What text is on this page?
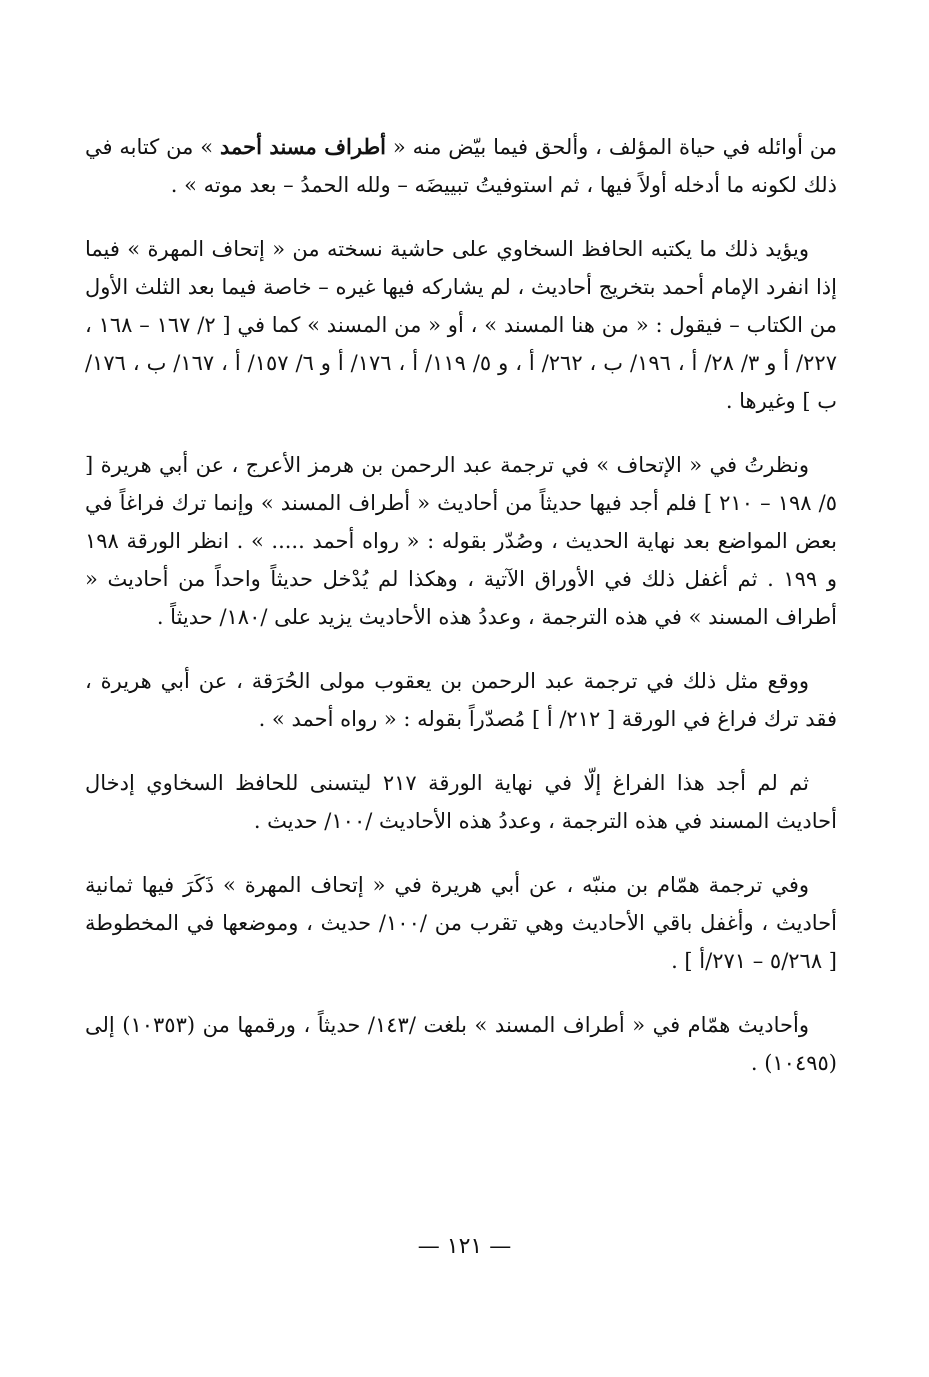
من أوائله في حياة المؤلف ، وألحق فيما بيّض منه « أطراف مسند أحمد » من كتابه في ذلك لكونه ما أدخله أولاً فيها ، ثم استوفيتُ تبييضَه – ولله الحمدُ – بعد موته » .

ويؤيد ذلك ما يكتبه الحافظ السخاوي على حاشية نسخته من « إتحاف المهرة » فيما إذا انفرد الإمام أحمد بتخريج أحاديث ، لم يشاركه فيها غيره – خاصة فيما بعد الثلث الأول من الكتاب – فيقول : « من هنا المسند » ، أو « من المسند » كما في [ ٢/ ١٦٧ – ١٦٨ ، ٢٢٧/ أ و ٣/ ٢٨/ أ ، ١٩٦/ ب ، ٢٦٢/ أ ، و ٥/ ١١٩/ أ ، ١٧٦/ أ و ٦/ ١٥٧/ أ ، ١٦٧/ ب ، ١٧٦/ ب ] وغيرها .

ونظرتُ في « الإتحاف » في ترجمة عبد الرحمن بن هرمز الأعرج ، عن أبي هريرة [ ٥/ ١٩٨ – ٢١٠ ] فلم أجد فيها حديثاً من أحاديث « أطراف المسند » وإنما ترك فراغاً في بعض المواضع بعد نهاية الحديث ، وصُدّر بقوله : « رواه أحمد ..... » . انظر الورقة ١٩٨ و ١٩٩ . ثم أغفل ذلك في الأوراق الآتية ، وهكذا لم يُدْخل حديثاً واحداً من أحاديث « أطراف المسند » في هذه الترجمة ، وعددُ هذه الأحاديث يزيد على /١٨٠/ حديثاً .

ووقع مثل ذلك في ترجمة عبد الرحمن بن يعقوب مولى الحُرَقة ، عن أبي هريرة ، فقد ترك فراغ في الورقة [ ٢١٢/ أ ] مُصدّراً بقوله : « رواه أحمد » .

ثم لم أجد هذا الفراغ إلّا في نهاية الورقة ٢١٧ ليتسنى للحافظ السخاوي إدخال أحاديث المسند في هذه الترجمة ، وعددُ هذه الأحاديث /١٠٠/ حديث .

وفي ترجمة همّام بن منبّه ، عن أبي هريرة في « إتحاف المهرة » ذَكَرَ فيها ثمانية أحاديث ، وأغفل باقي الأحاديث وهي تقرب من /١٠٠/ حديث ، وموضعها في المخطوطة [ ٥/٢٦٨ – ٢٧١/أ ] .

وأحاديث همّام في « أطراف المسند » بلغت /١٤٣/ حديثاً ، ورقمها من (١٠٣٥٣) إلى (١٠٤٩٥) .

— ١٢١ —
